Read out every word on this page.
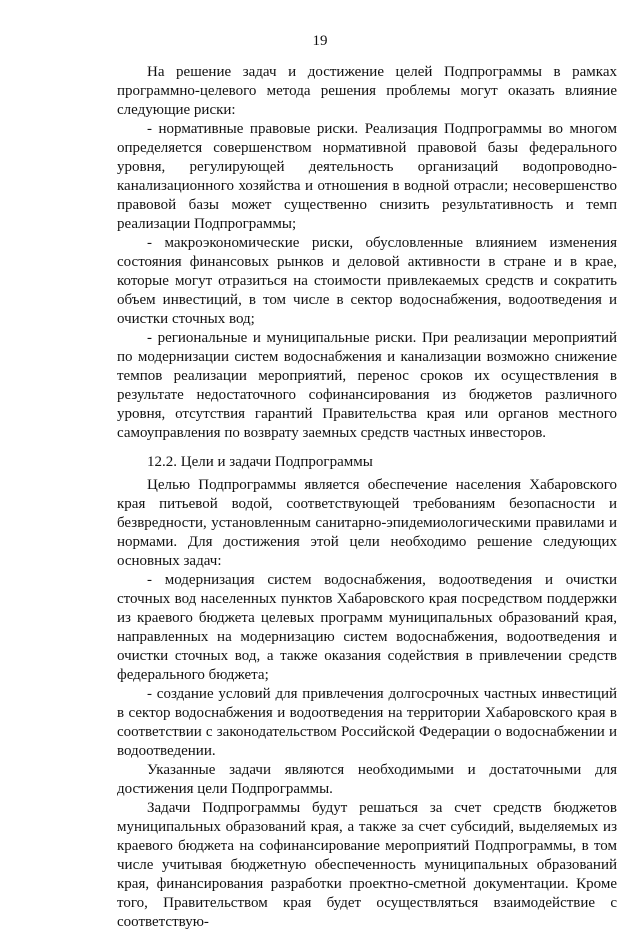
19

На решение задач и достижение целей Подпрограммы в рамках программно-целевого метода решения проблемы могут оказать влияние следующие риски:

- нормативные правовые риски. Реализация Подпрограммы во многом определяется совершенством нормативной правовой базы федерального уровня, регулирующей деятельность организаций водопроводно-канализационного хозяйства и отношения в водной отрасли; несовершенство правовой базы может существенно снизить результативность и темп реализации Подпрограммы;

- макроэкономические риски, обусловленные влиянием изменения состояния финансовых рынков и деловой активности в стране и в крае, которые могут отразиться на стоимости привлекаемых средств и сократить объем инвестиций, в том числе в сектор водоснабжения, водоотведения и очистки сточных вод;

- региональные и муниципальные риски. При реализации мероприятий по модернизации систем водоснабжения и канализации возможно снижение темпов реализации мероприятий, перенос сроков их осуществления в результате недостаточного софинансирования из бюджетов различного уровня, отсутствия гарантий Правительства края или органов местного самоуправления по возврату заемных средств частных инвесторов.

12.2. Цели и задачи Подпрограммы

Целью Подпрограммы является обеспечение населения Хабаровского края питьевой водой, соответствующей требованиям безопасности и безвредности, установленным санитарно-эпидемиологическими правилами и нормами. Для достижения этой цели необходимо решение следующих основных задач:

- модернизация систем водоснабжения, водоотведения и очистки сточных вод населенных пунктов Хабаровского края посредством поддержки из краевого бюджета целевых программ муниципальных образований края, направленных на модернизацию систем водоснабжения, водоотведения и очистки сточных вод, а также оказания содействия в привлечении средств федерального бюджета;

- создание условий для привлечения долгосрочных частных инвестиций в сектор водоснабжения и водоотведения на территории Хабаровского края в соответствии с законодательством Российской Федерации о водоснабжении и водоотведении.

Указанные задачи являются необходимыми и достаточными для достижения цели Подпрограммы.

Задачи Подпрограммы будут решаться за счет средств бюджетов муниципальных образований края, а также за счет субсидий, выделяемых из краевого бюджета на софинансирование мероприятий Подпрограммы, в том числе учитывая бюджетную обеспеченность муниципальных образований края, финансирования разработки проектно-сметной документации. Кроме того, Правительством края будет осуществляться взаимодействие с соответствую-
